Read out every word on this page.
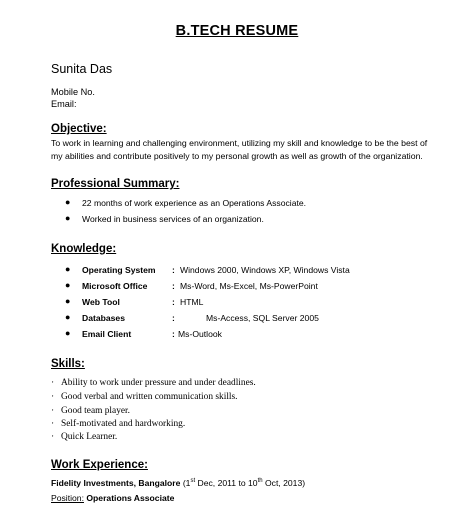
B.TECH RESUME
Sunita Das
Mobile No.
Email:
Objective:
To work in learning and challenging environment, utilizing my skill and knowledge to be the best of
my abilities and contribute positively to my personal growth as well as growth of the organization.
Professional Summary:
● 22 months of work experience as an Operations Associate.
● Worked in business services of an organization.
Knowledge:
● Operating System : Windows 2000, Windows XP, Windows Vista
● Microsoft Office	: Ms-Word, Ms-Excel, Ms-PowerPoint
● Web Tool	: HTML
● Databases	:	Ms-Access, SQL Server 2005
● Email Client	: Ms-Outlook
Skills:
· Ability to work under pressure and under deadlines.
· Good verbal and written communication skills.
· Good team player.
· Self-motivated and hardworking.
· Quick Learner.
Work Experience:
Fidelity Investments, Bangalore (1st Dec, 2011 to 10th Oct, 2013)
Position: Operations Associate
